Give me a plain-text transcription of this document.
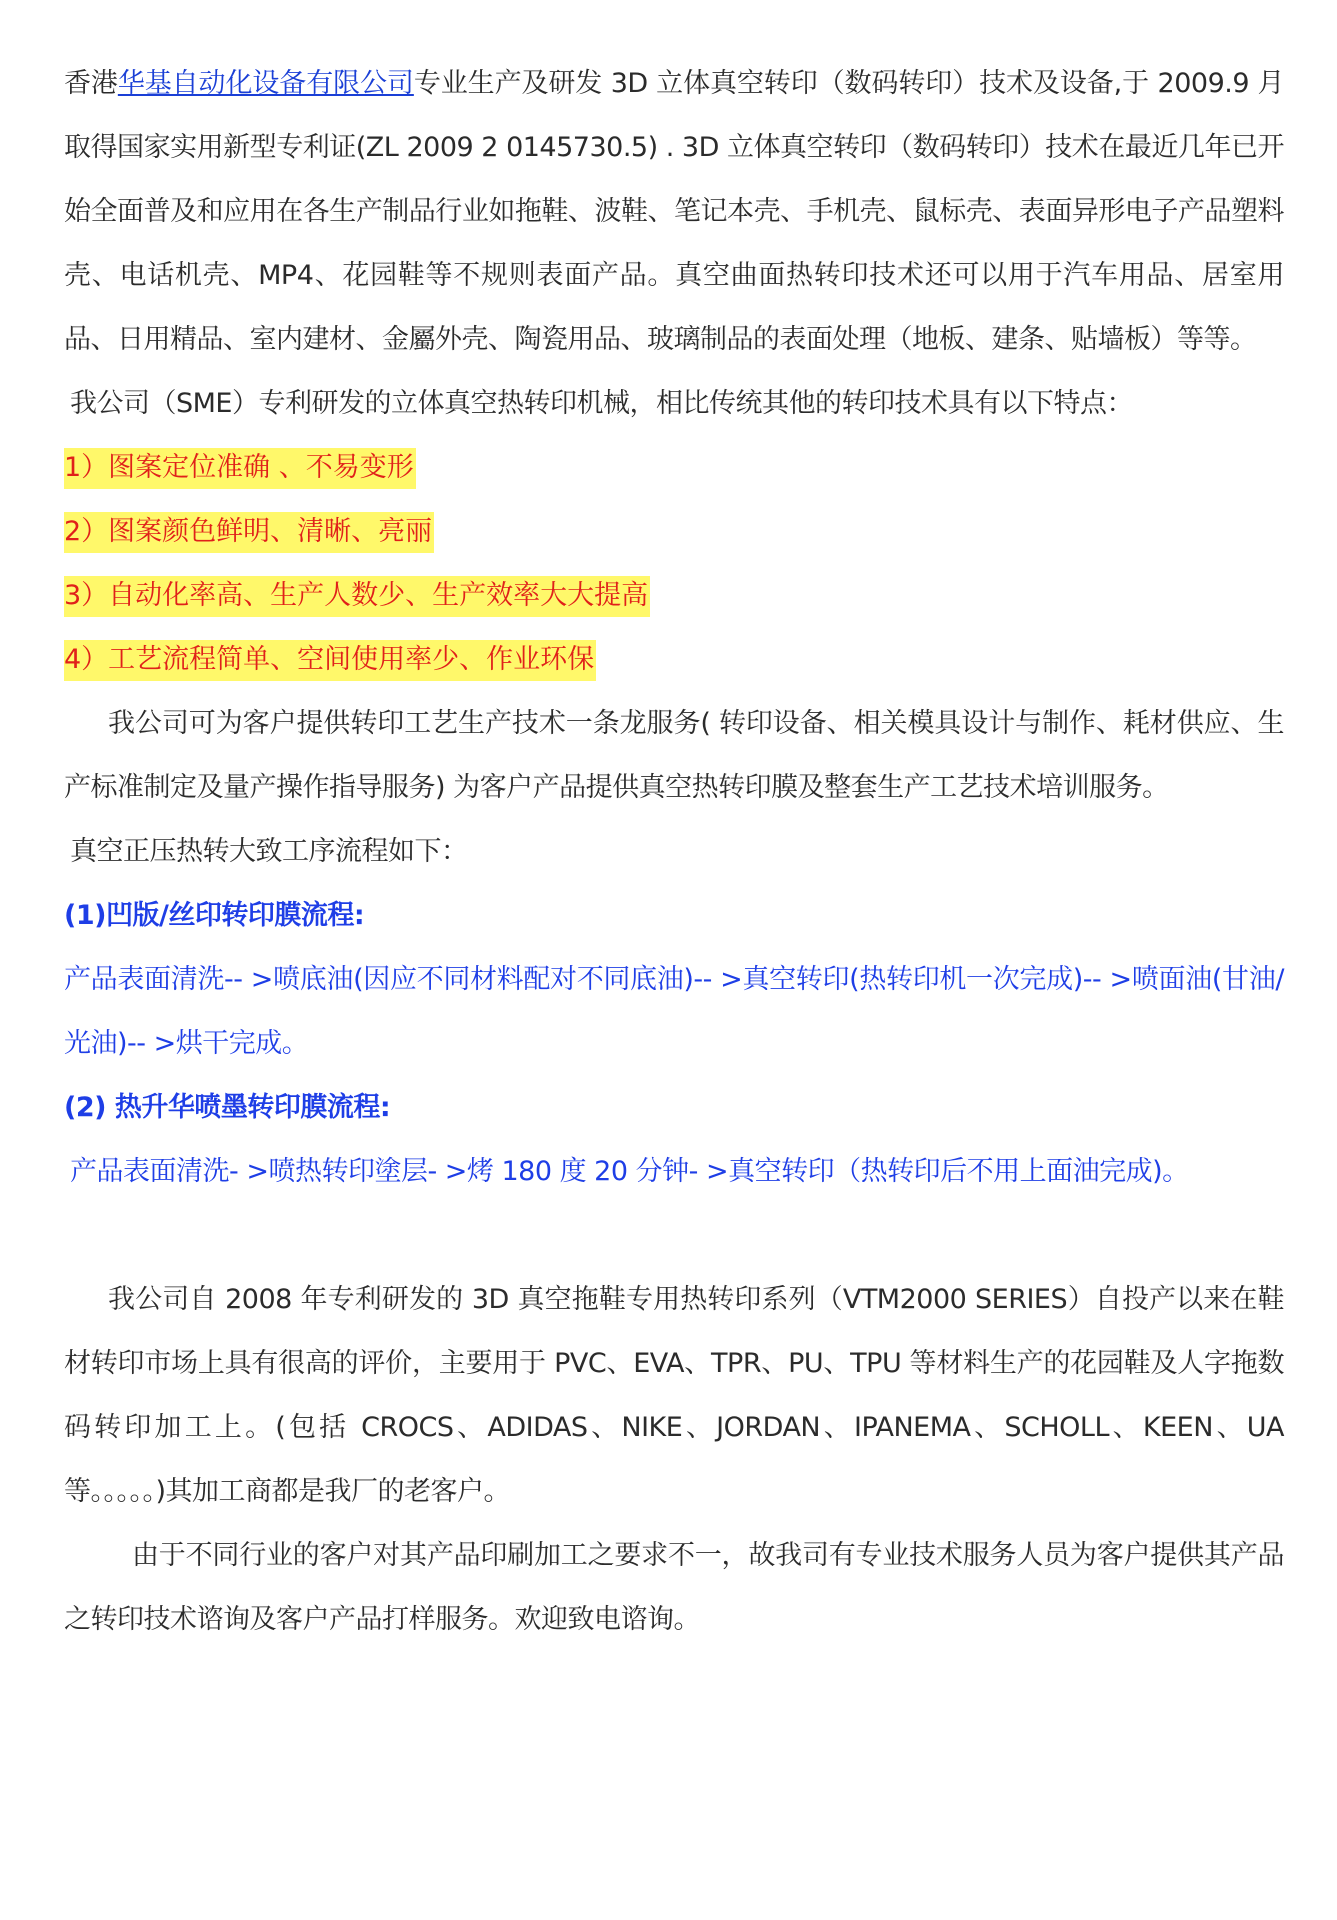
香港华基自动化设备有限公司专业生产及研发 3D 立体真空转印（数码转印）技术及设备,于 2009.9 月取得国家实用新型专利证(ZL 2009 2 0145730.5) . 3D 立体真空转印（数码转印）技术在最近几年已开始全面普及和应用在各生产制品行业如拖鞋、波鞋、笔记本壳、手机壳、鼠标壳、表面异形电子产品塑料壳、电话机壳、MP4、花园鞋等不规则表面产品。真空曲面热转印技术还可以用于汽车用品、居室用品、日用精品、室内建材、金屬外壳、陶瓷用品、玻璃制品的表面处理（地板、建条、贴墙板）等等。

我公司（SME）专利研发的立体真空热转印机械，相比传统其他的转印技术具有以下特点：

1）图案定位准确 、不易变形

2）图案颜色鲜明、清晰、亮丽

3）自动化率高、生产人数少、生产效率大大提高

4）工艺流程简单、空间使用率少、作业环保

我公司可为客户提供转印工艺生产技术一条龙服务( 转印设备、相关模具设计与制作、耗材供应、生产标准制定及量产操作指导服务) 为客户产品提供真空热转印膜及整套生产工艺技术培训服务。

真空正压热转大致工序流程如下：

(1)凹版/丝印转印膜流程:

产品表面清洗-- >喷底油(因应不同材料配对不同底油)-- >真空转印(热转印机一次完成)-- >喷面油(甘油/光油)-- >烘干完成。

(2) 热升华喷墨转印膜流程:

产品表面清洗- >喷热转印塗层- >烤 180 度 20 分钟- >真空转印（热转印后不用上面油完成)。

我公司自 2008 年专利研发的 3D 真空拖鞋专用热转印系列（VTM2000 SERIES）自投产以来在鞋材转印市场上具有很高的评价，主要用于 PVC、EVA、TPR、PU、TPU 等材料生产的花园鞋及人字拖数码转印加工上。(包括 CROCS、ADIDAS、NIKE、JORDAN、IPANEMA、SCHOLL、KEEN、UA 等。。。。。)其加工商都是我厂的老客户。

由于不同行业的客户对其产品印刷加工之要求不一，故我司有专业技术服务人员为客户提供其产品之转印技术谘询及客户产品打样服务。欢迎致电谘询。
